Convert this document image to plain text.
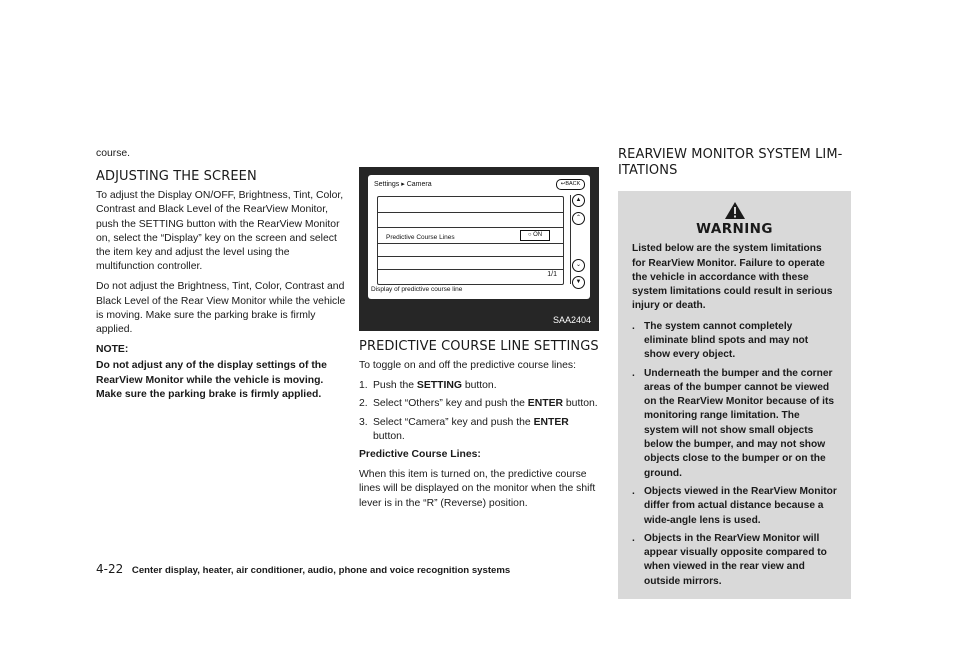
course.

ADJUSTING THE SCREEN

To adjust the Display ON/OFF, Brightness, Tint, Color, Contrast and Black Level of the RearView Monitor, push the SETTING button with the RearView Monitor on, select the “Display” key on the screen and select the item key and adjust the level using the multifunction controller.

Do not adjust the Brightness, Tint, Color, Contrast and Black Level of the Rear View Monitor while the vehicle is moving. Make sure the parking brake is firmly applied.

NOTE:

Do not adjust any of the display settings of the RearView Monitor while the vehicle is moving. Make sure the parking brake is firmly applied.

Settings ▸ Camera	↩BACK
Predictive Course Lines	○ ON
▲
⌃
⌄
▼
1/1
Display of predictive course line
SAA2404
PREDICTIVE COURSE LINE SETTINGS

To toggle on and off the predictive course lines:

1. Push the SETTING button.
2. Select “Others” key and push the ENTER button.
3. Select “Camera” key and push the ENTER button.

Predictive Course Lines:

When this item is turned on, the predictive course lines will be displayed on the monitor when the shift lever is in the “R” (Reverse) position.

REARVIEW MONITOR SYSTEM LIM-ITATIONS
WARNING

Listed below are the system limitations for RearView Monitor. Failure to operate the vehicle in accordance with these system limitations could result in serious injury or death.

. The system cannot completely eliminate blind spots and may not show every object.
. Underneath the bumper and the corner areas of the bumper cannot be viewed on the RearView Monitor because of its monitoring range limitation. The system will not show small objects below the bumper, and may not show objects close to the bumper or on the ground.
. Objects viewed in the RearView Monitor differ from actual distance because a wide-angle lens is used.
. Objects in the RearView Monitor will appear visually opposite compared to when viewed in the rear view and outside mirrors.
4-22 Center display, heater, air conditioner, audio, phone and voice recognition systems
